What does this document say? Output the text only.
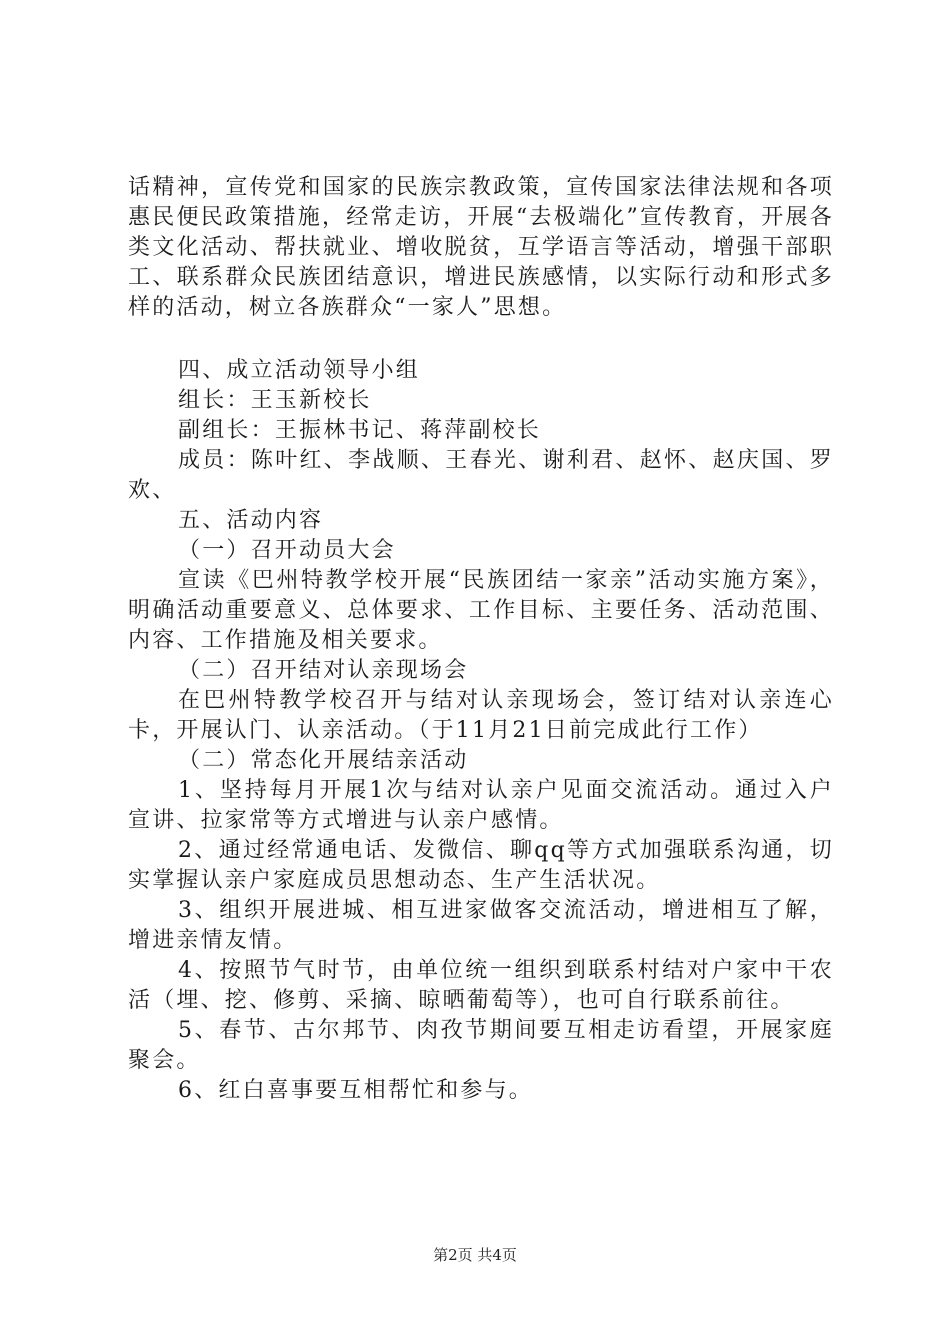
话精神，宣传党和国家的民族宗教政策，宣传国家法律法规和各项惠民便民政策措施，经常走访，开展“去极端化”宣传教育，开展各类文化活动、帮扶就业、增收脱贫，互学语言等活动，增强干部职工、联系群众民族团结意识，增进民族感情，以实际行动和形式多样的活动，树立各族群众“一家人”思想。

四、成立活动领导小组

组长：王玉新校长

副组长：王振林书记、蒋萍副校长

成员：陈叶红、李战顺、王春光、谢利君、赵怀、赵庆国、罗欢、

五、活动内容

（一）召开动员大会

宣读《巴州特教学校开展“民族团结一家亲”活动实施方案》，明确活动重要意义、总体要求、工作目标、主要任务、活动范围、内容、工作措施及相关要求。

（二）召开结对认亲现场会

在巴州特教学校召开与结对认亲现场会，签订结对认亲连心卡，开展认门、认亲活动。（于11月21日前完成此行工作）

（二）常态化开展结亲活动

1、坚持每月开展1次与结对认亲户见面交流活动。通过入户宣讲、拉家常等方式增进与认亲户感情。

2、通过经常通电话、发微信、聊qq等方式加强联系沟通，切实掌握认亲户家庭成员思想动态、生产生活状况。

3、组织开展进城、相互进家做客交流活动，增进相互了解，增进亲情友情。

4、按照节气时节，由单位统一组织到联系村结对户家中干农活（埋、挖、修剪、采摘、晾晒葡萄等），也可自行联系前往。

5、春节、古尔邦节、肉孜节期间要互相走访看望，开展家庭聚会。

6、红白喜事要互相帮忙和参与。

第2页 共4页
